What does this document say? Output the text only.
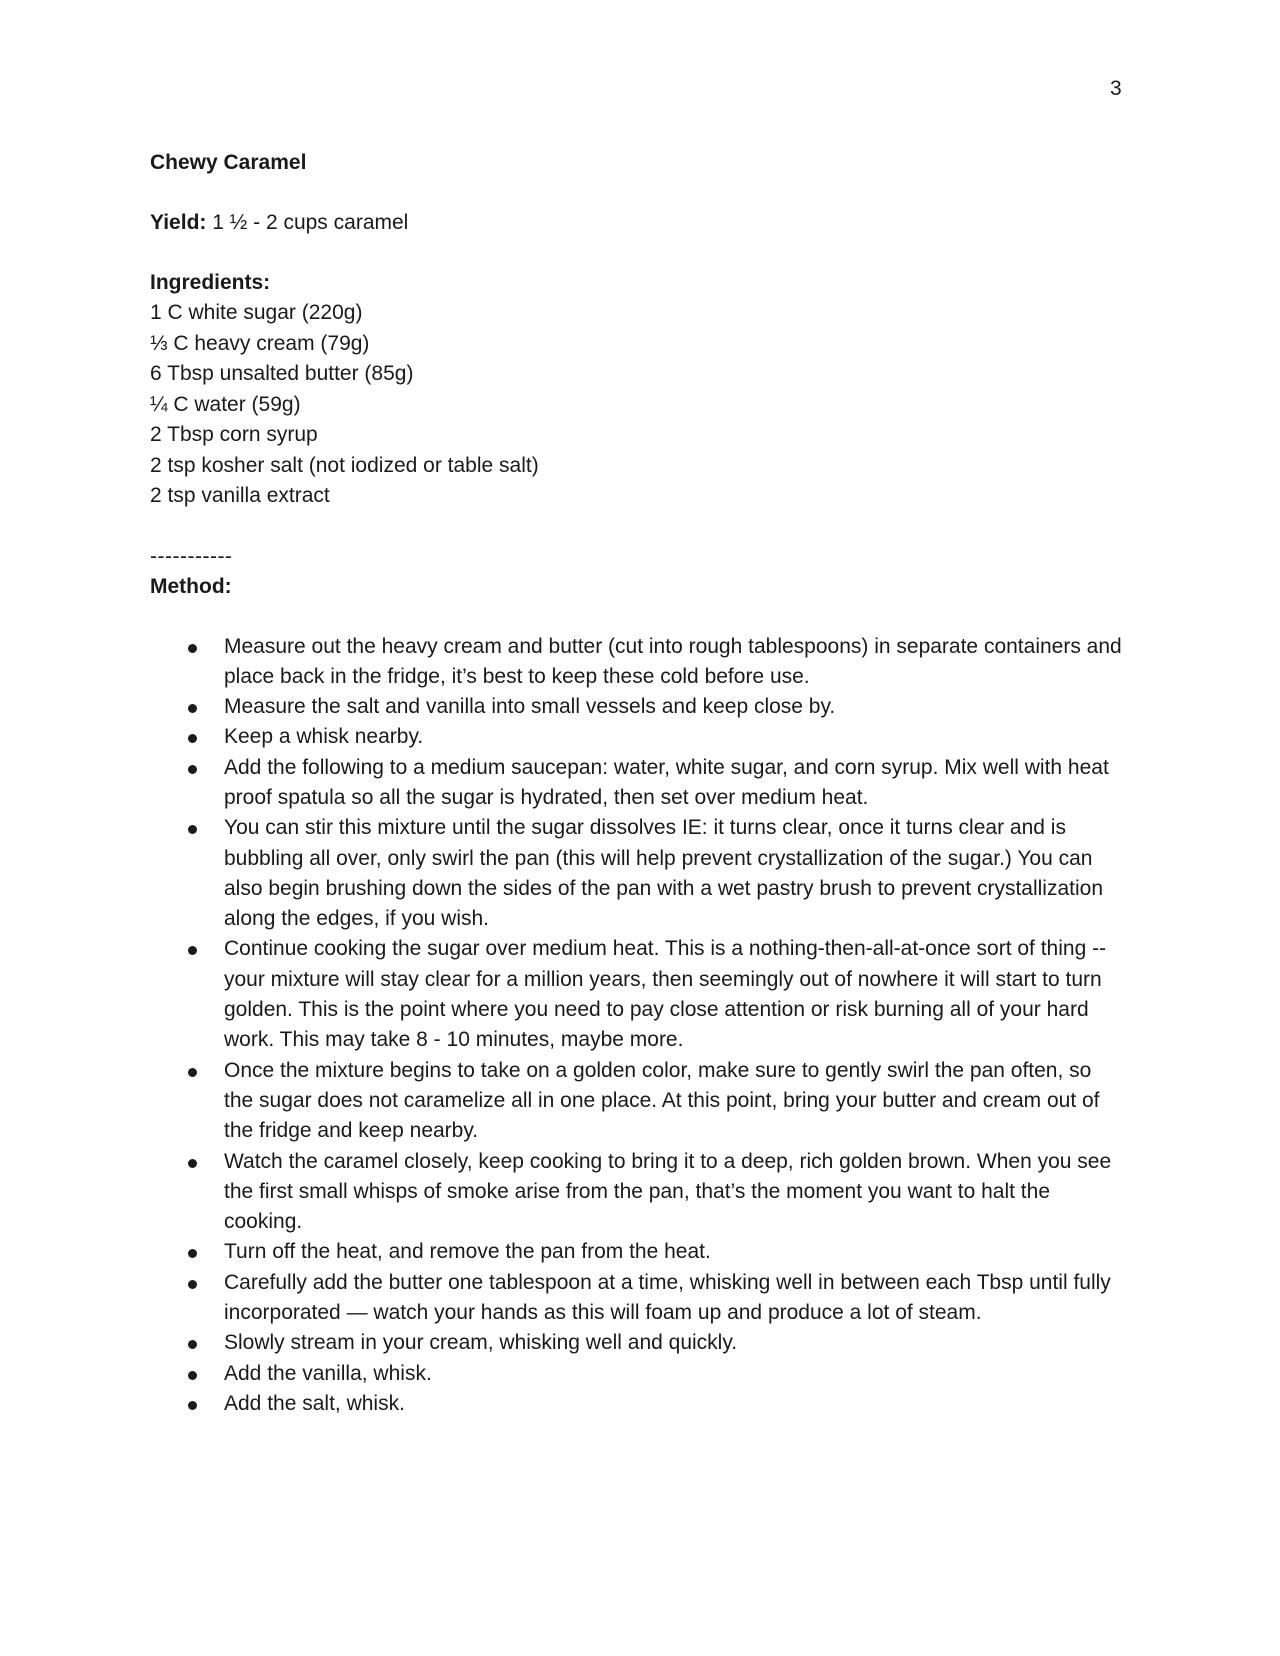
3
Chewy Caramel
Yield: 1 ½ - 2 cups caramel
Ingredients:
1 C white sugar (220g)
⅓ C heavy cream (79g)
6 Tbsp unsalted butter (85g)
¼ C water (59g)
2 Tbsp corn syrup
2 tsp kosher salt (not iodized or table salt)
2 tsp vanilla extract
-----------
Method:
Measure out the heavy cream and butter (cut into rough tablespoons) in separate containers and place back in the fridge, it’s best to keep these cold before use.
Measure the salt and vanilla into small vessels and keep close by.
Keep a whisk nearby.
Add the following to a medium saucepan: water, white sugar, and corn syrup. Mix well with heat proof spatula so all the sugar is hydrated, then set over medium heat.
You can stir this mixture until the sugar dissolves IE: it turns clear, once it turns clear and is bubbling all over, only swirl the pan (this will help prevent crystallization of the sugar.) You can also begin brushing down the sides of the pan with a wet pastry brush to prevent crystallization along the edges, if you wish.
Continue cooking the sugar over medium heat. This is a nothing-then-all-at-once sort of thing -- your mixture will stay clear for a million years, then seemingly out of nowhere it will start to turn golden. This is the point where you need to pay close attention or risk burning all of your hard work. This may take 8 - 10 minutes, maybe more.
Once the mixture begins to take on a golden color, make sure to gently swirl the pan often, so the sugar does not caramelize all in one place. At this point, bring your butter and cream out of the fridge and keep nearby.
Watch the caramel closely, keep cooking to bring it to a deep, rich golden brown. When you see the first small whisps of smoke arise from the pan, that’s the moment you want to halt the cooking.
Turn off the heat, and remove the pan from the heat.
Carefully add the butter one tablespoon at a time, whisking well in between each Tbsp until fully incorporated — watch your hands as this will foam up and produce a lot of steam.
Slowly stream in your cream, whisking well and quickly.
Add the vanilla, whisk.
Add the salt, whisk.
